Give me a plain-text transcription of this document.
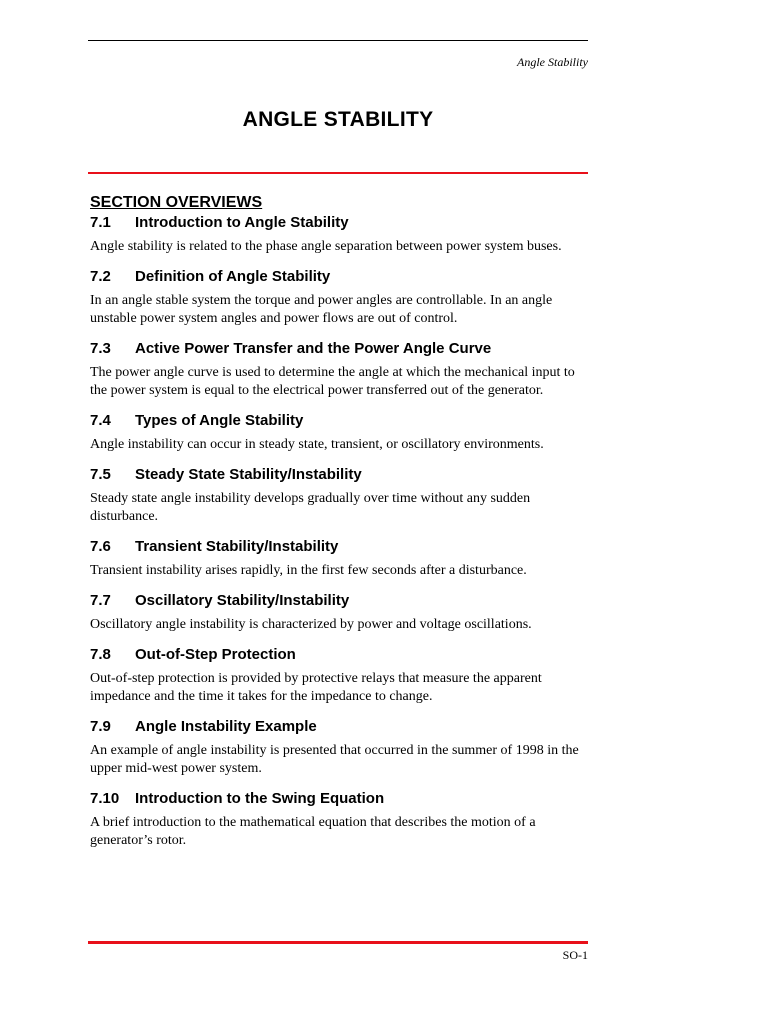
Angle Stability
ANGLE STABILITY
SECTION OVERVIEWS
7.1	Introduction to Angle Stability

Angle stability is related to the phase angle separation between power system buses.

7.2	Definition of Angle Stability

In an angle stable system the torque and power angles are controllable. In an angle unstable power system angles and power flows are out of control.

7.3	Active Power Transfer and the Power Angle Curve

The power angle curve is used to determine the angle at which the mechanical input to the power system is equal to the electrical power transferred out of the generator.

7.4	Types of Angle Stability

Angle instability can occur in steady state, transient, or oscillatory environments.

7.5	Steady State Stability/Instability

Steady state angle instability develops gradually over time without any sudden disturbance.

7.6	Transient Stability/Instability

Transient instability arises rapidly, in the first few seconds after a disturbance.

7.7	Oscillatory Stability/Instability

Oscillatory angle instability is characterized by power and voltage oscillations.

7.8	Out-of-Step Protection

Out-of-step protection is provided by protective relays that measure the apparent impedance and the time it takes for the impedance to change.

7.9	Angle Instability Example

An example of angle instability is presented that occurred in the summer of 1998 in the upper mid-west power system.

7.10	Introduction to the Swing Equation

A brief introduction to the mathematical equation that describes the motion of a generator’s rotor.

SO-1
